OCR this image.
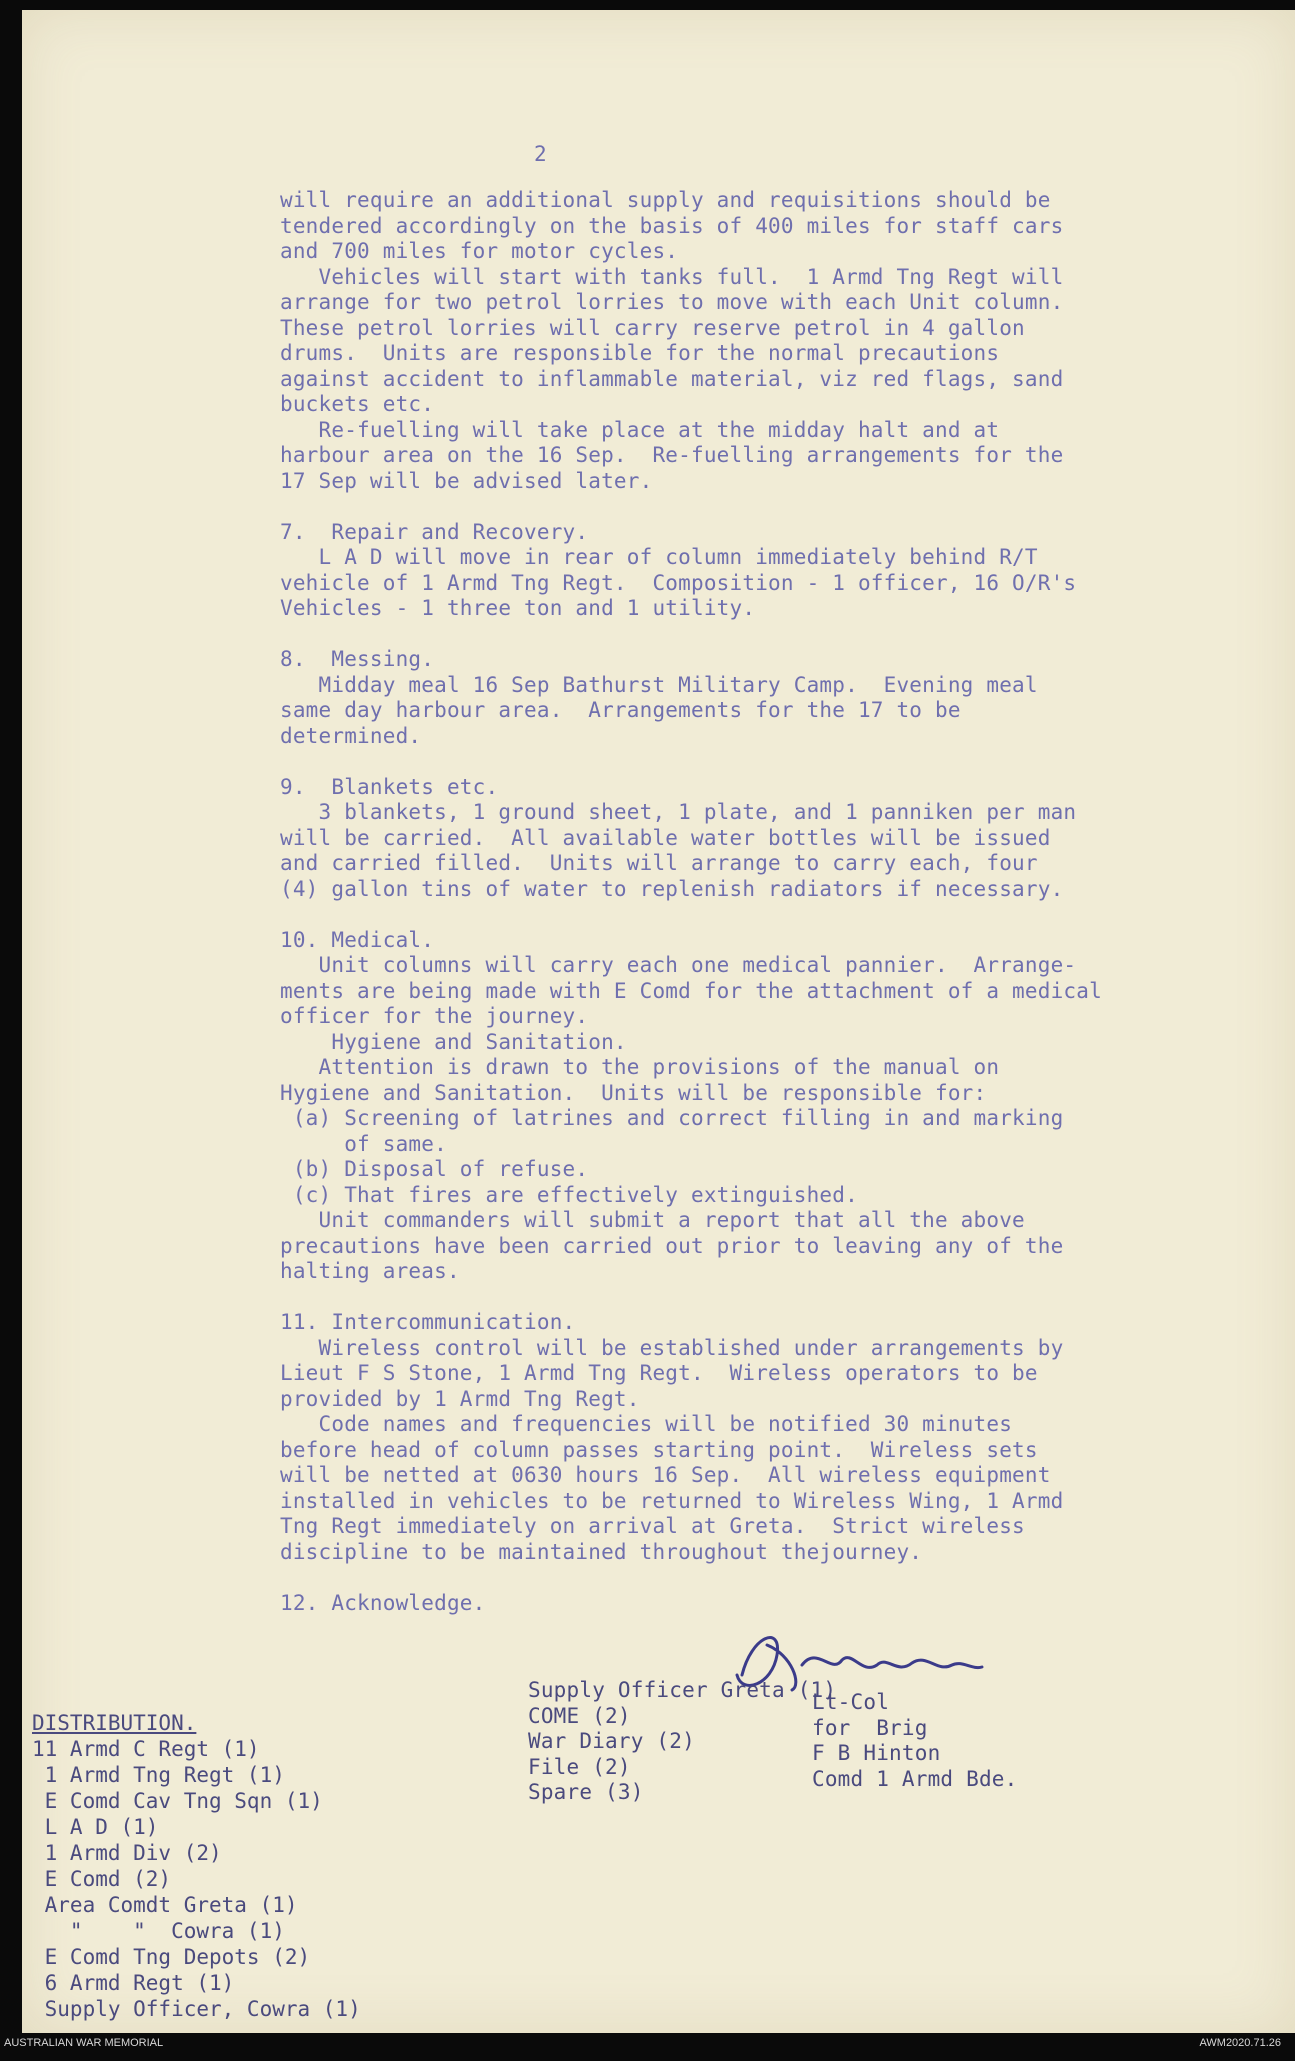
2
will require an additional supply and requisitions should be
tendered accordingly on the basis of 400 miles for staff cars
and 700 miles for motor cycles.
Vehicles will start with tanks full.  1 Armd Tng Regt will
arrange for two petrol lorries to move with each Unit column.
These petrol lorries will carry reserve petrol in 4 gallon
drums.  Units are responsible for the normal precautions
against accident to inflammable material, viz red flags, sand
buckets etc.
Re-fuelling will take place at the midday halt and at
harbour area on the 16 Sep.  Re-fuelling arrangements for the
17 Sep will be advised later.

7.  Repair and Recovery.
L A D will move in rear of column immediately behind R/T
vehicle of 1 Armd Tng Regt.  Composition - 1 officer, 16 O/R's
Vehicles - 1 three ton and 1 utility.

8.  Messing.
Midday meal 16 Sep Bathurst Military Camp.  Evening meal
same day harbour area.  Arrangements for the 17 to be
determined.

9.  Blankets etc.
3 blankets, 1 ground sheet, 1 plate, and 1 panniken per man
will be carried.  All available water bottles will be issued
and carried filled.  Units will arrange to carry each, four
(4) gallon tins of water to replenish radiators if necessary.

10. Medical.
Unit columns will carry each one medical pannier.  Arrange-
ments are being made with E Comd for the attachment of a medical
officer for the journey.
Hygiene and Sanitation.
Attention is drawn to the provisions of the manual on
Hygiene and Sanitation.  Units will be responsible for:
(a) Screening of latrines and correct filling in and marking
of same.
(b) Disposal of refuse.
(c) That fires are effectively extinguished.
Unit commanders will submit a report that all the above
precautions have been carried out prior to leaving any of the
halting areas.

11. Intercommunication.
Wireless control will be established under arrangements by
Lieut F S Stone, 1 Armd Tng Regt.  Wireless operators to be
provided by 1 Armd Tng Regt.
Code names and frequencies will be notified 30 minutes
before head of column passes starting point.  Wireless sets
will be netted at 0630 hours 16 Sep.  All wireless equipment
installed in vehicles to be returned to Wireless Wing, 1 Armd
Tng Regt immediately on arrival at Greta.  Strict wireless
discipline to be maintained throughout thejourney.

12. Acknowledge.
Supply Officer Greta (1)
COME (2)
War Diary (2)
File (2)
Spare (3)
Lt-Col
for  Brig
F B Hinton
Comd 1 Armd Bde.
DISTRIBUTION.
11 Armd C Regt (1)
1 Armd Tng Regt (1)
E Comd Cav Tng Sqn (1)
L A D (1)
1 Armd Div (2)
E Comd (2)
Area Comdt Greta (1)
"    "  Cowra (1)
E Comd Tng Depots (2)
6 Armd Regt (1)
Supply Officer, Cowra (1)
AUSTRALIAN WAR MEMORIAL	AWM2020.71.26
